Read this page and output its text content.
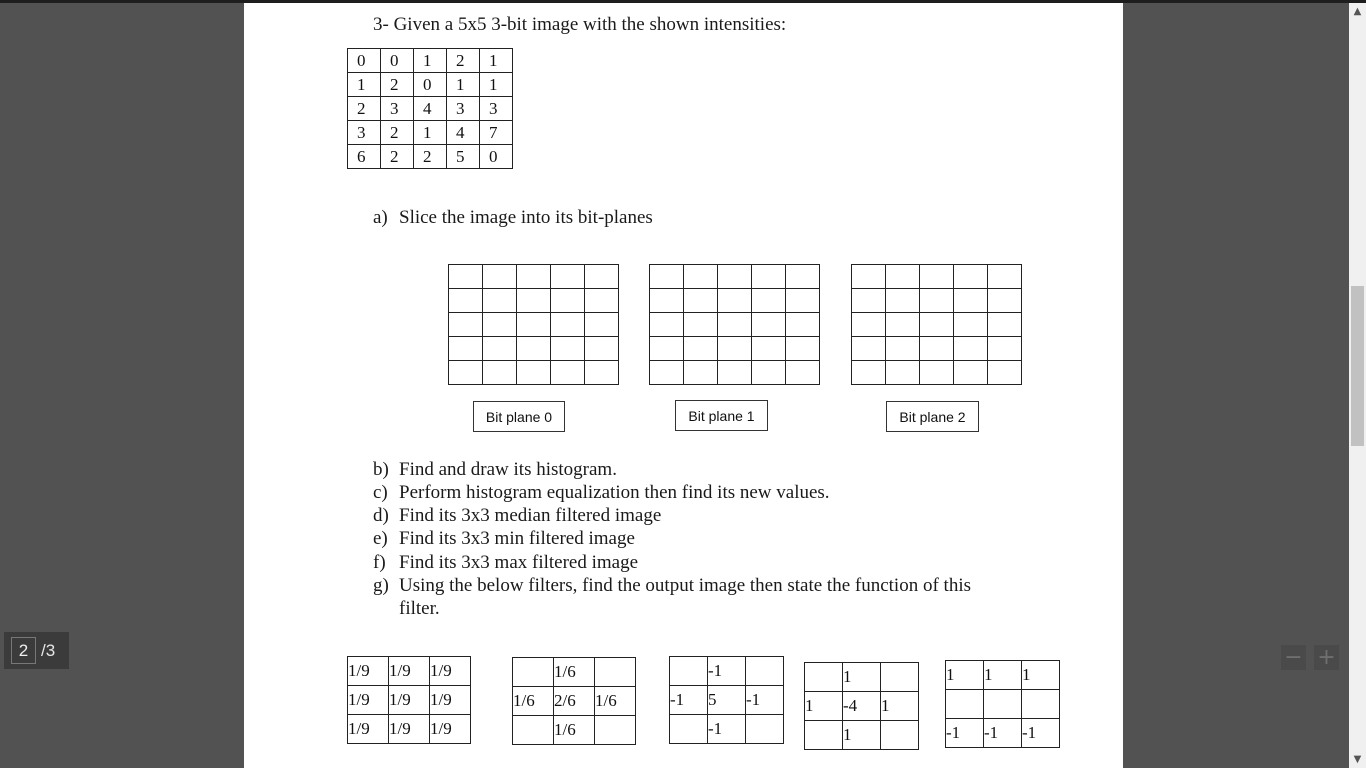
3- Given a 5x5 3-bit image with the shown intensities:
0	0	1	2	1
1	2	0	1	1
2	3	4	3	3
3	2	1	4	7
6	2	2	5	0
a) Slice the image into its bit-planes

Bit plane 0	Bit plane 1	Bit plane 2
b) Find and draw its histogram.
c) Perform histogram equalization then find its new values.
d) Find its 3x3 median filtered image
e) Find its 3x3 min filtered image
f) Find its 3x3 max filtered image
g) Using the below filters, find the output image then state the function of this
filter.
1/9	1/9	1/9
1/9	1/9	1/9
1/9	1/9	1/9
	1/6	
1/6	2/6	1/6
	1/6	
	-1	
-1	5	-1
	-1	
	1	
1	-4	1
	1	
1	1	1

-1	-1	-1
▲
▼
2 /3	− +
